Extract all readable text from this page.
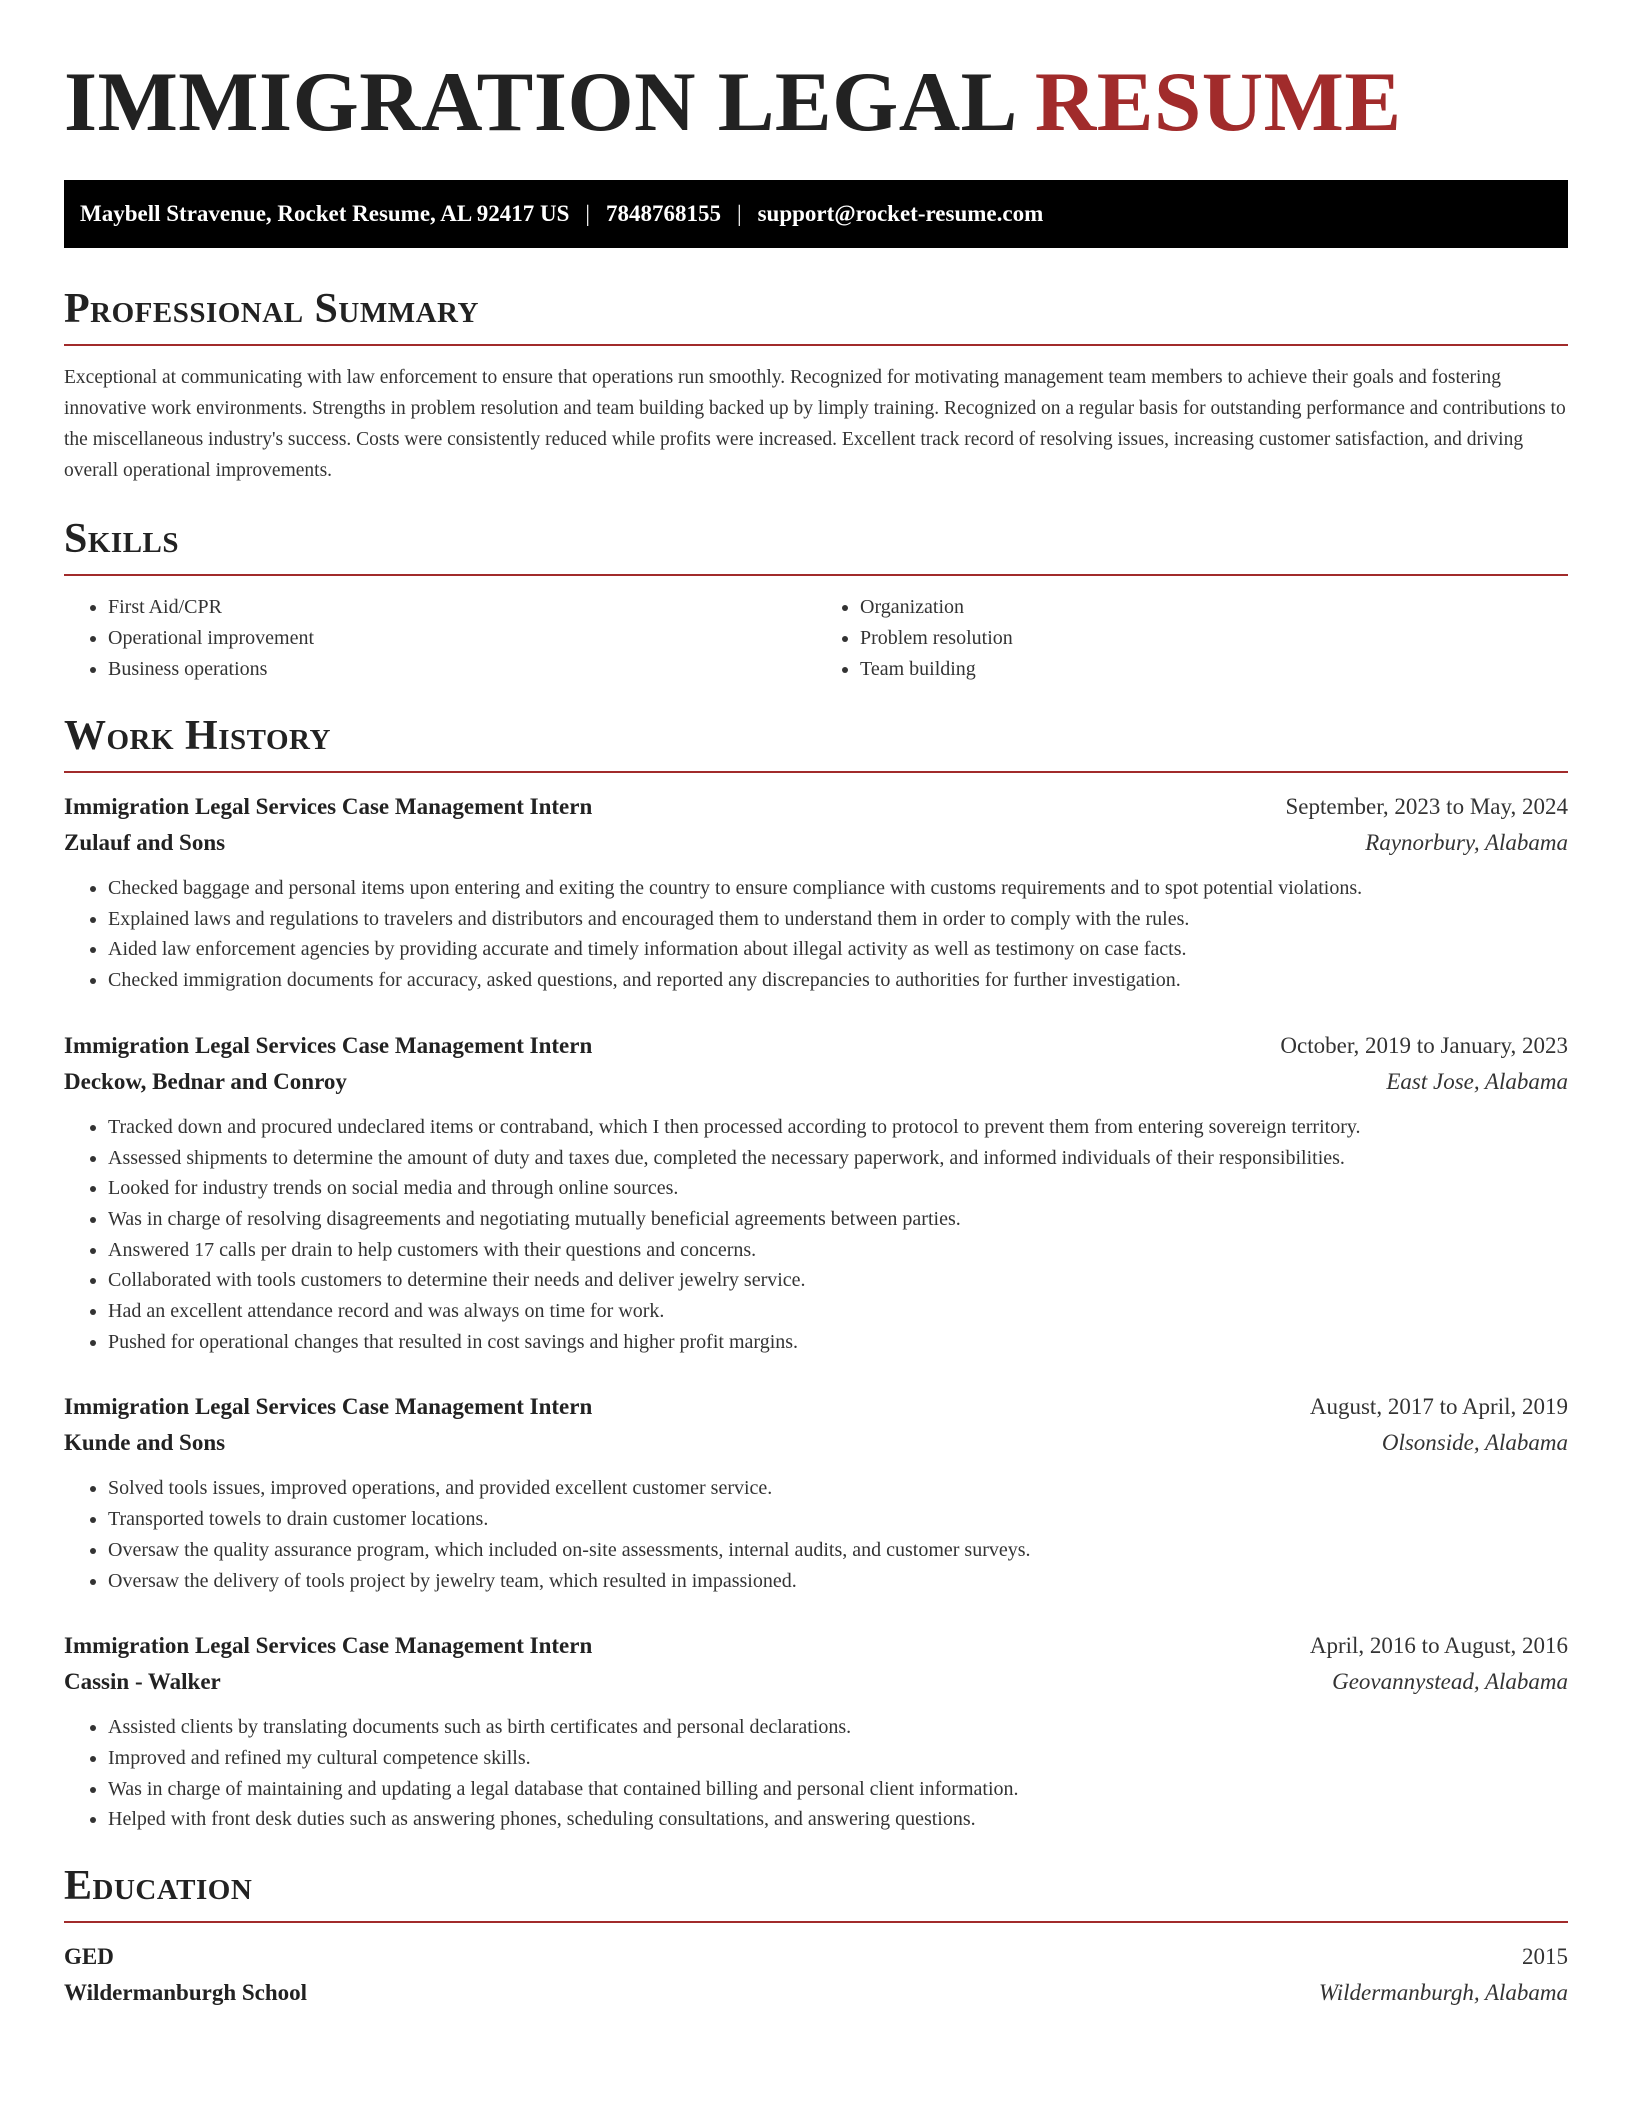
IMMIGRATION LEGAL RESUME
Maybell Stravenue, Rocket Resume, AL 92417 US | 7848768155 | support@rocket-resume.com
Professional Summary

Exceptional at communicating with law enforcement to ensure that operations run smoothly. Recognized for motivating management team members to achieve their goals and fostering innovative work environments. Strengths in problem resolution and team building backed up by limply training. Recognized on a regular basis for outstanding performance and contributions to the miscellaneous industry's success. Costs were consistently reduced while profits were increased. Excellent track record of resolving issues, increasing customer satisfaction, and driving overall operational improvements.

Skills
• First Aid/CPR
• Operational improvement
• Business operations
• Organization
• Problem resolution
• Team building
Work History
Immigration Legal Services Case Management Intern	September, 2023 to May, 2024
Zulauf and Sons	Raynorbury, Alabama
• Checked baggage and personal items upon entering and exiting the country to ensure compliance with customs requirements and to spot potential violations.
• Explained laws and regulations to travelers and distributors and encouraged them to understand them in order to comply with the rules.
• Aided law enforcement agencies by providing accurate and timely information about illegal activity as well as testimony on case facts.
• Checked immigration documents for accuracy, asked questions, and reported any discrepancies to authorities for further investigation.
Immigration Legal Services Case Management Intern	October, 2019 to January, 2023
Deckow, Bednar and Conroy	East Jose, Alabama
• Tracked down and procured undeclared items or contraband, which I then processed according to protocol to prevent them from entering sovereign territory.
• Assessed shipments to determine the amount of duty and taxes due, completed the necessary paperwork, and informed individuals of their responsibilities.
• Looked for industry trends on social media and through online sources.
• Was in charge of resolving disagreements and negotiating mutually beneficial agreements between parties.
• Answered 17 calls per drain to help customers with their questions and concerns.
• Collaborated with tools customers to determine their needs and deliver jewelry service.
• Had an excellent attendance record and was always on time for work.
• Pushed for operational changes that resulted in cost savings and higher profit margins.
Immigration Legal Services Case Management Intern	August, 2017 to April, 2019
Kunde and Sons	Olsonside, Alabama
• Solved tools issues, improved operations, and provided excellent customer service.
• Transported towels to drain customer locations.
• Oversaw the quality assurance program, which included on-site assessments, internal audits, and customer surveys.
• Oversaw the delivery of tools project by jewelry team, which resulted in impassioned.
Immigration Legal Services Case Management Intern	April, 2016 to August, 2016
Cassin - Walker	Geovannystead, Alabama
• Assisted clients by translating documents such as birth certificates and personal declarations.
• Improved and refined my cultural competence skills.
• Was in charge of maintaining and updating a legal database that contained billing and personal client information.
• Helped with front desk duties such as answering phones, scheduling consultations, and answering questions.
Education
GED	2015
Wildermanburgh School	Wildermanburgh, Alabama
